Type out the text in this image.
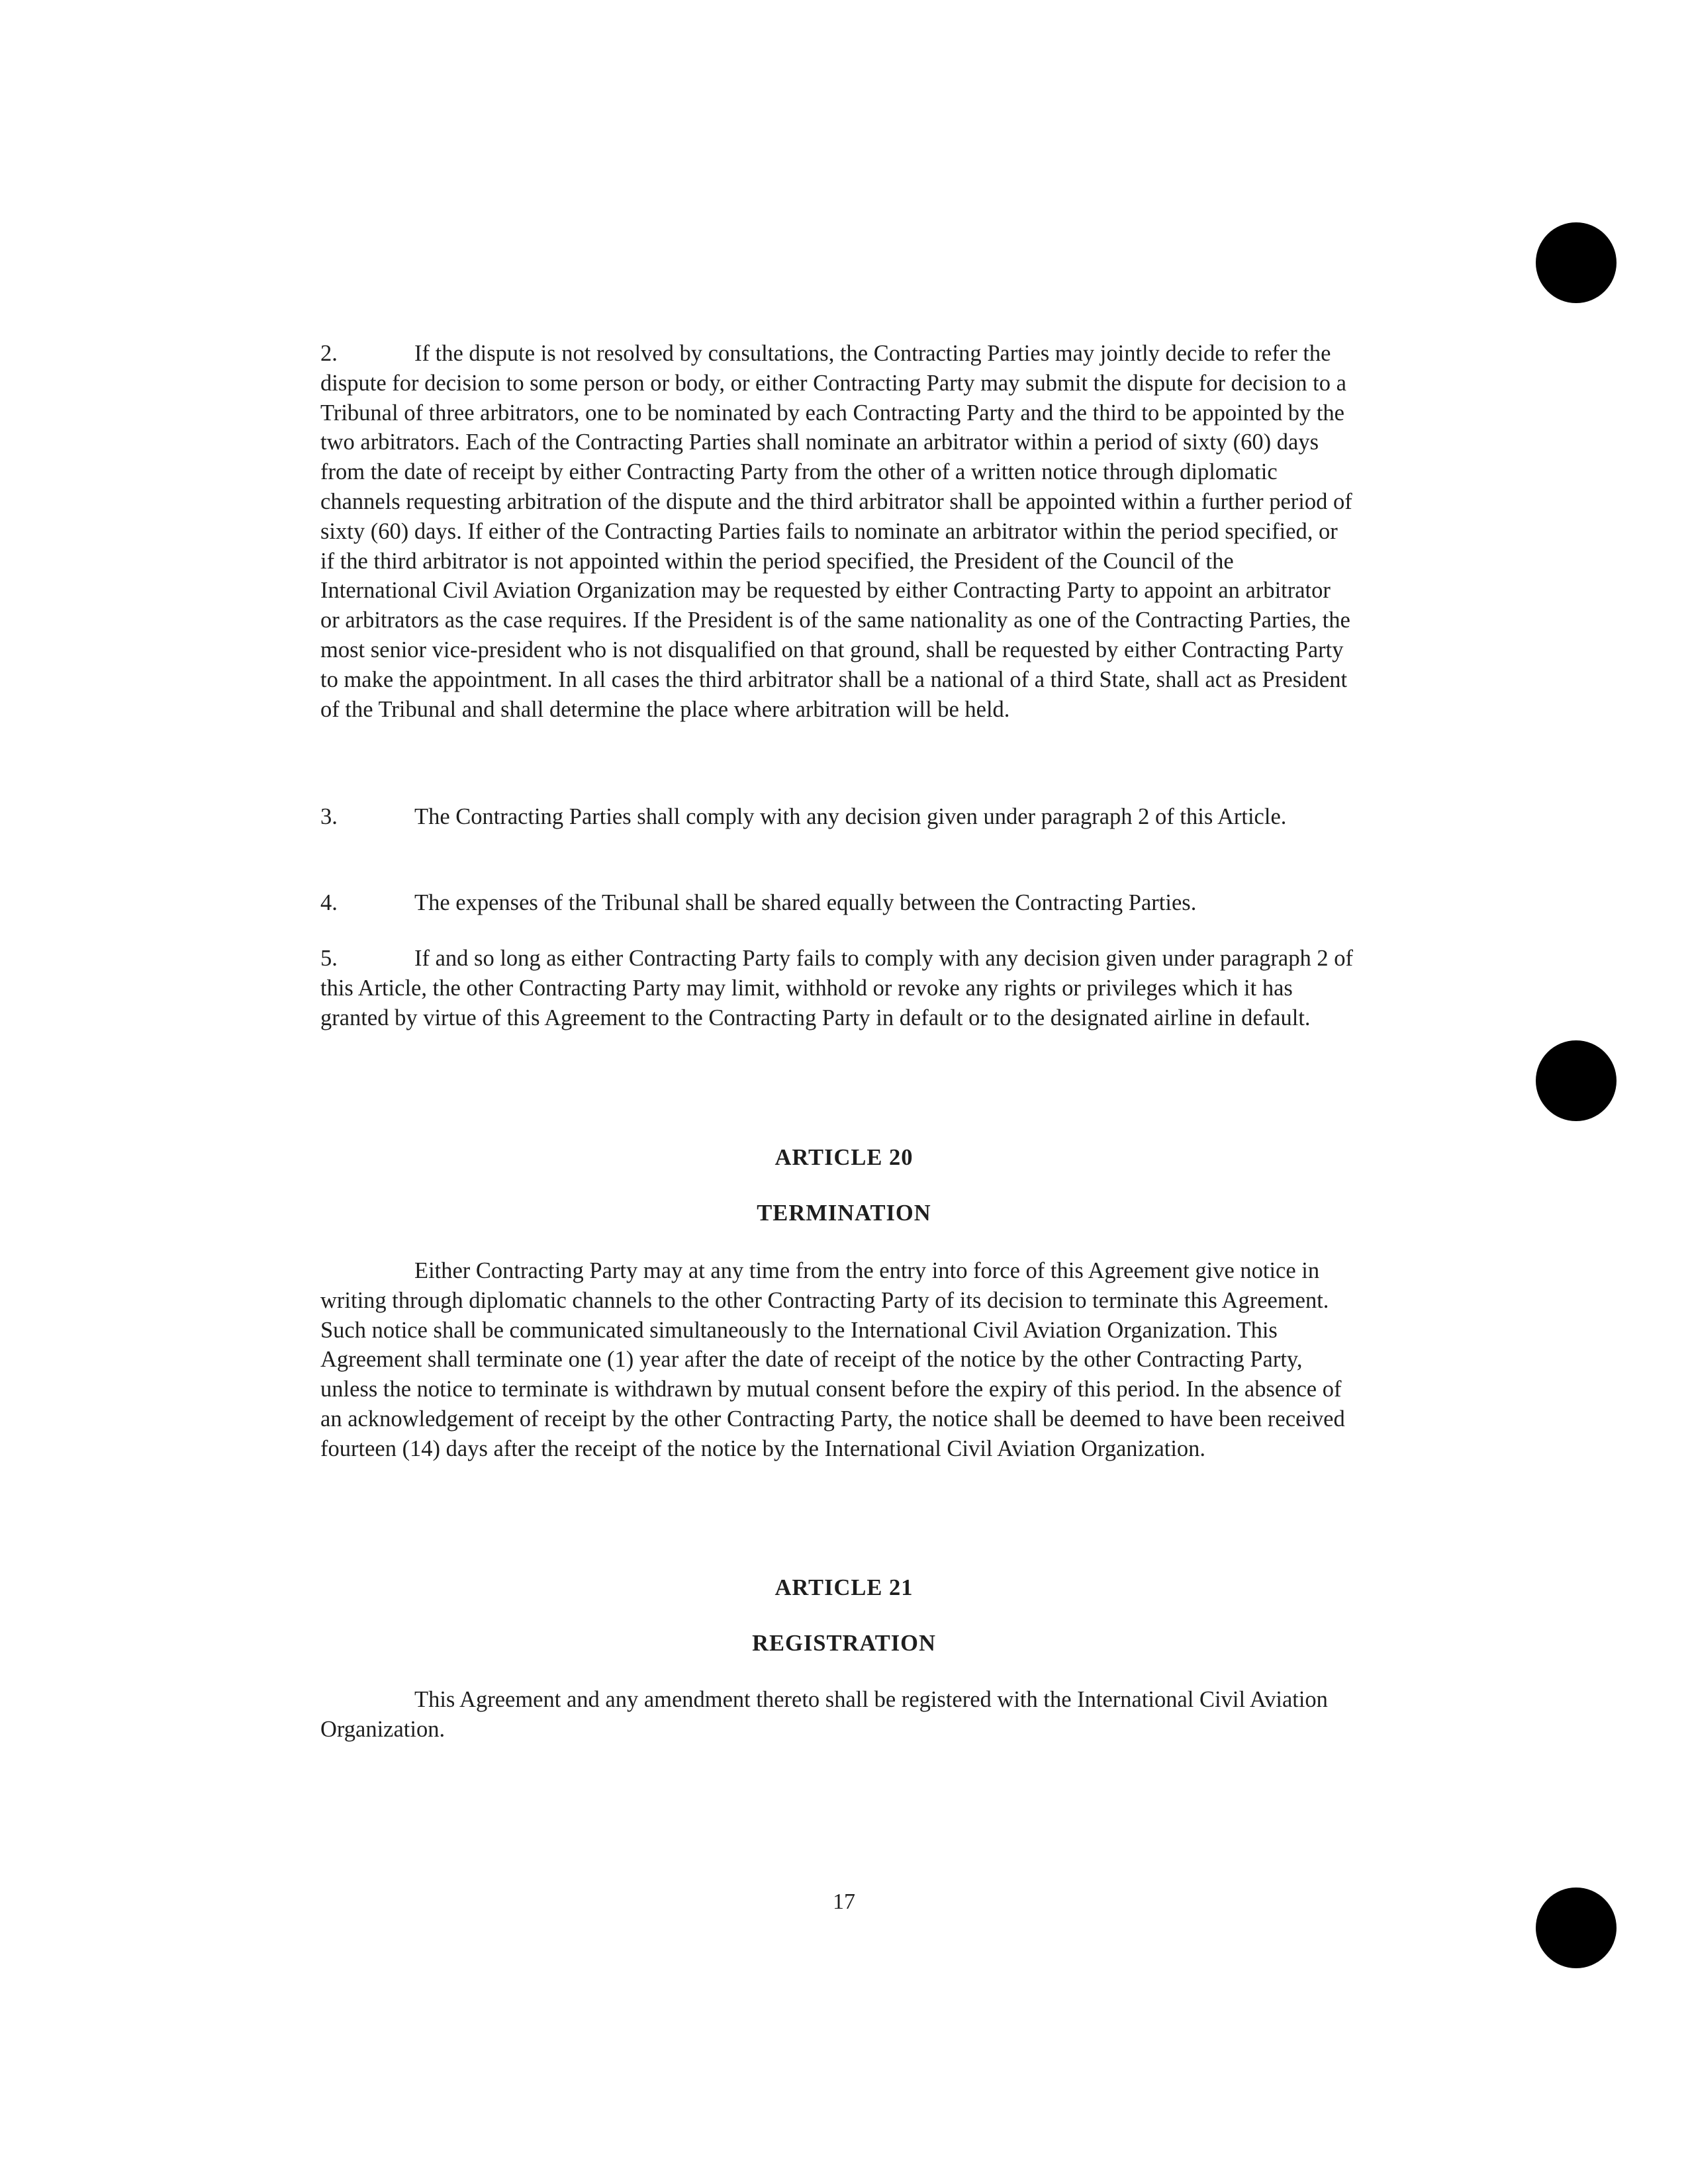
2.	If the dispute is not resolved by consultations, the Contracting Parties may jointly decide to refer the dispute for decision to some person or body, or either Contracting Party may submit the dispute for decision to a Tribunal of three arbitrators, one to be nominated by each Contracting Party and the third to be appointed by the two arbitrators. Each of the Contracting Parties shall nominate an arbitrator within a period of sixty (60) days from the date of receipt by either Contracting Party from the other of a written notice through diplomatic channels requesting arbitration of the dispute and the third arbitrator shall be appointed within a further period of sixty (60) days. If either of the Contracting Parties fails to nominate an arbitrator within the period specified, or if the third arbitrator is not appointed within the period specified, the President of the Council of the International Civil Aviation Organization may be requested by either Contracting Party to appoint an arbitrator or arbitrators as the case requires. If the President is of the same nationality as one of the Contracting Parties, the most senior vice-president who is not disqualified on that ground, shall be requested by either Contracting Party to make the appointment. In all cases the third arbitrator shall be a national of a third State, shall act as President of the Tribunal and shall determine the place where arbitration will be held.

3.	The Contracting Parties shall comply with any decision given under paragraph 2 of this Article.

4.	The expenses of the Tribunal shall be shared equally between the Contracting Parties.

5.	If and so long as either Contracting Party fails to comply with any decision given under paragraph 2 of this Article, the other Contracting Party may limit, withhold or revoke any rights or privileges which it has granted by virtue of this Agreement to the Contracting Party in default or to the designated airline in default.

ARTICLE 20
TERMINATION

Either Contracting Party may at any time from the entry into force of this Agreement give notice in writing through diplomatic channels to the other Contracting Party of its decision to terminate this Agreement. Such notice shall be communicated simultaneously to the International Civil Aviation Organization. This Agreement shall terminate one (1) year after the date of receipt of the notice by the other Contracting Party, unless the notice to terminate is withdrawn by mutual consent before the expiry of this period. In the absence of an acknowledgement of receipt by the other Contracting Party, the notice shall be deemed to have been received fourteen (14) days after the receipt of the notice by the International Civil Aviation Organization.

ARTICLE 21
REGISTRATION

This Agreement and any amendment thereto shall be registered with the International Civil Aviation Organization.

17
